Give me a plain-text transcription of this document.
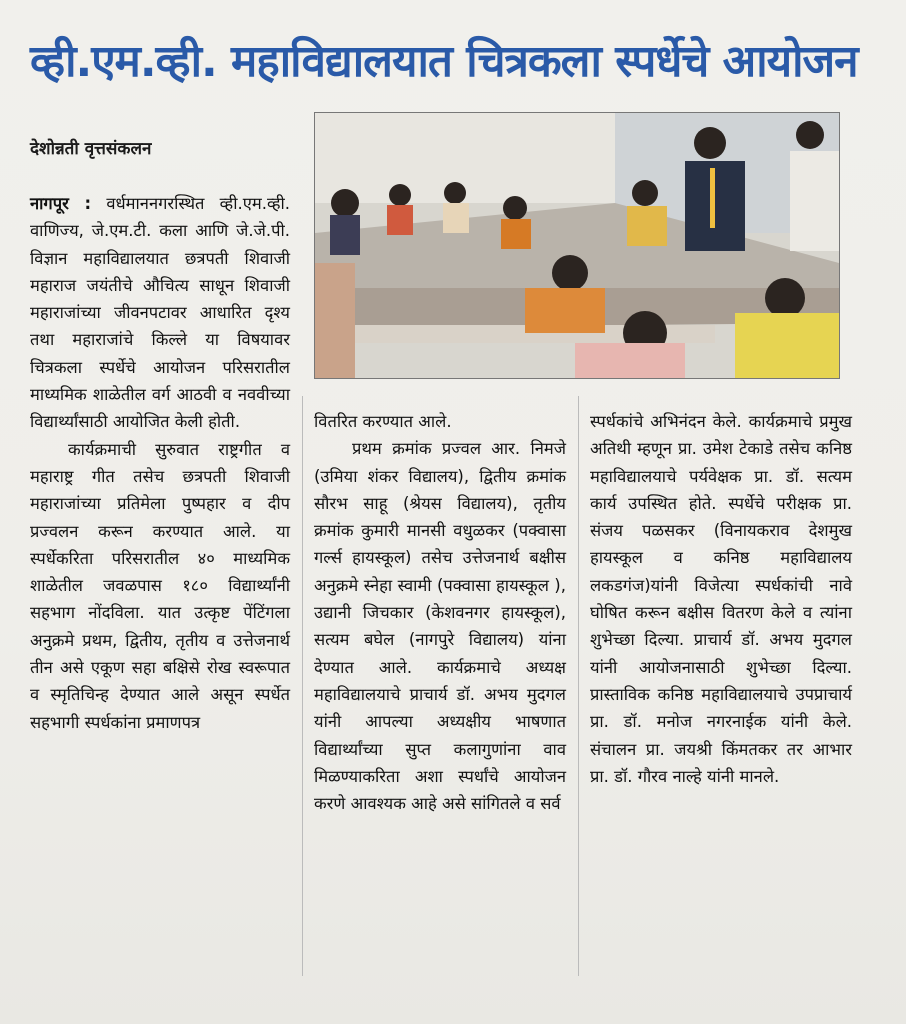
व्ही.एम.व्ही. महाविद्यालयात चित्रकला स्पर्धेचे आयोजन
देशोन्नती वृत्तसंकलन

नागपूर : वर्धमाननगरस्थित व्ही.एम.व्ही. वाणिज्य, जे.एम.टी. कला आणि जे.जे.पी. विज्ञान महाविद्यालयात छत्रपती शिवाजी महाराज जयंतीचे औचित्य साधून शिवाजी महाराजांच्या जीवनपटावर आधारित दृश्य तथा महाराजांचे किल्ले या विषयावर चित्रकला स्पर्धेचे आयोजन परिसरातील माध्यमिक शाळेतील वर्ग आठवी व नववीच्या विद्यार्थ्यांसाठी आयोजित केली होती.

कार्यक्रमाची सुरुवात राष्ट्रगीत व महाराष्ट्र गीत तसेच छत्रपती शिवाजी महाराजांच्या प्रतिमेला पुष्पहार व दीप प्रज्वलन करून करण्यात आले. या स्पर्धेकरिता परिसरातील ४० माध्यमिक शाळेतील जवळपास १८० विद्यार्थ्यांनी सहभाग नोंदविला. यात उत्कृष्ट पेंटिंगला अनुक्रमे प्रथम, द्वितीय, तृतीय व उत्तेजनार्थ तीन असे एकूण सहा बक्षिसे रोख स्वरूपात व स्मृतिचिन्ह देण्यात आले असून स्पर्धेत सहभागी स्पर्धकांना प्रमाणपत्र

वितरित करण्यात आले.

प्रथम क्रमांक प्रज्वल आर. निमजे (उमिया शंकर विद्यालय), द्वितीय क्रमांक सौरभ साहू (श्रेयस विद्यालय), तृतीय क्रमांक कुमारी मानसी वधुळकर (पक्वासा गर्ल्स हायस्कूल) तसेच उत्तेजनार्थ बक्षीस अनुक्रमे स्नेहा स्वामी (पक्वासा हायस्कूल ), उद्यानी जिचकार (केशवनगर हायस्कूल), सत्यम बघेल (नागपुरे विद्यालय) यांना देण्यात आले. कार्यक्रमाचे अध्यक्ष महाविद्यालयाचे प्राचार्य डॉ. अभय मुदगल यांनी आपल्या अध्यक्षीय भाषणात विद्यार्थ्यांच्या सुप्त कलागुणांना वाव मिळण्याकरिता अशा स्पर्धांचे आयोजन करणे आवश्यक आहे असे सांगितले व सर्व

स्पर्धकांचे अभिनंदन केले. कार्यक्रमाचे प्रमुख अतिथी म्हणून प्रा. उमेश टेकाडे तसेच कनिष्ठ महाविद्यालयाचे पर्यवेक्षक प्रा. डॉ. सत्यम कार्य उपस्थित होते. स्पर्धेचे परीक्षक प्रा. संजय पळसकर (विनायकराव देशमुख हायस्कूल व कनिष्ठ महाविद्यालय लकडगंज)यांनी विजेत्या स्पर्धकांची नावे घोषित करून बक्षीस वितरण केले व त्यांना शुभेच्छा दिल्या. प्राचार्य डॉ. अभय मुदगल यांनी आयोजनासाठी शुभेच्छा दिल्या. प्रास्ताविक कनिष्ठ महाविद्यालयाचे उपप्राचार्य प्रा. डॉ. मनोज नगरनाईक यांनी केले. संचालन प्रा. जयश्री किंमतकर तर आभार प्रा. डॉ. गौरव नाल्हे यांनी मानले.
